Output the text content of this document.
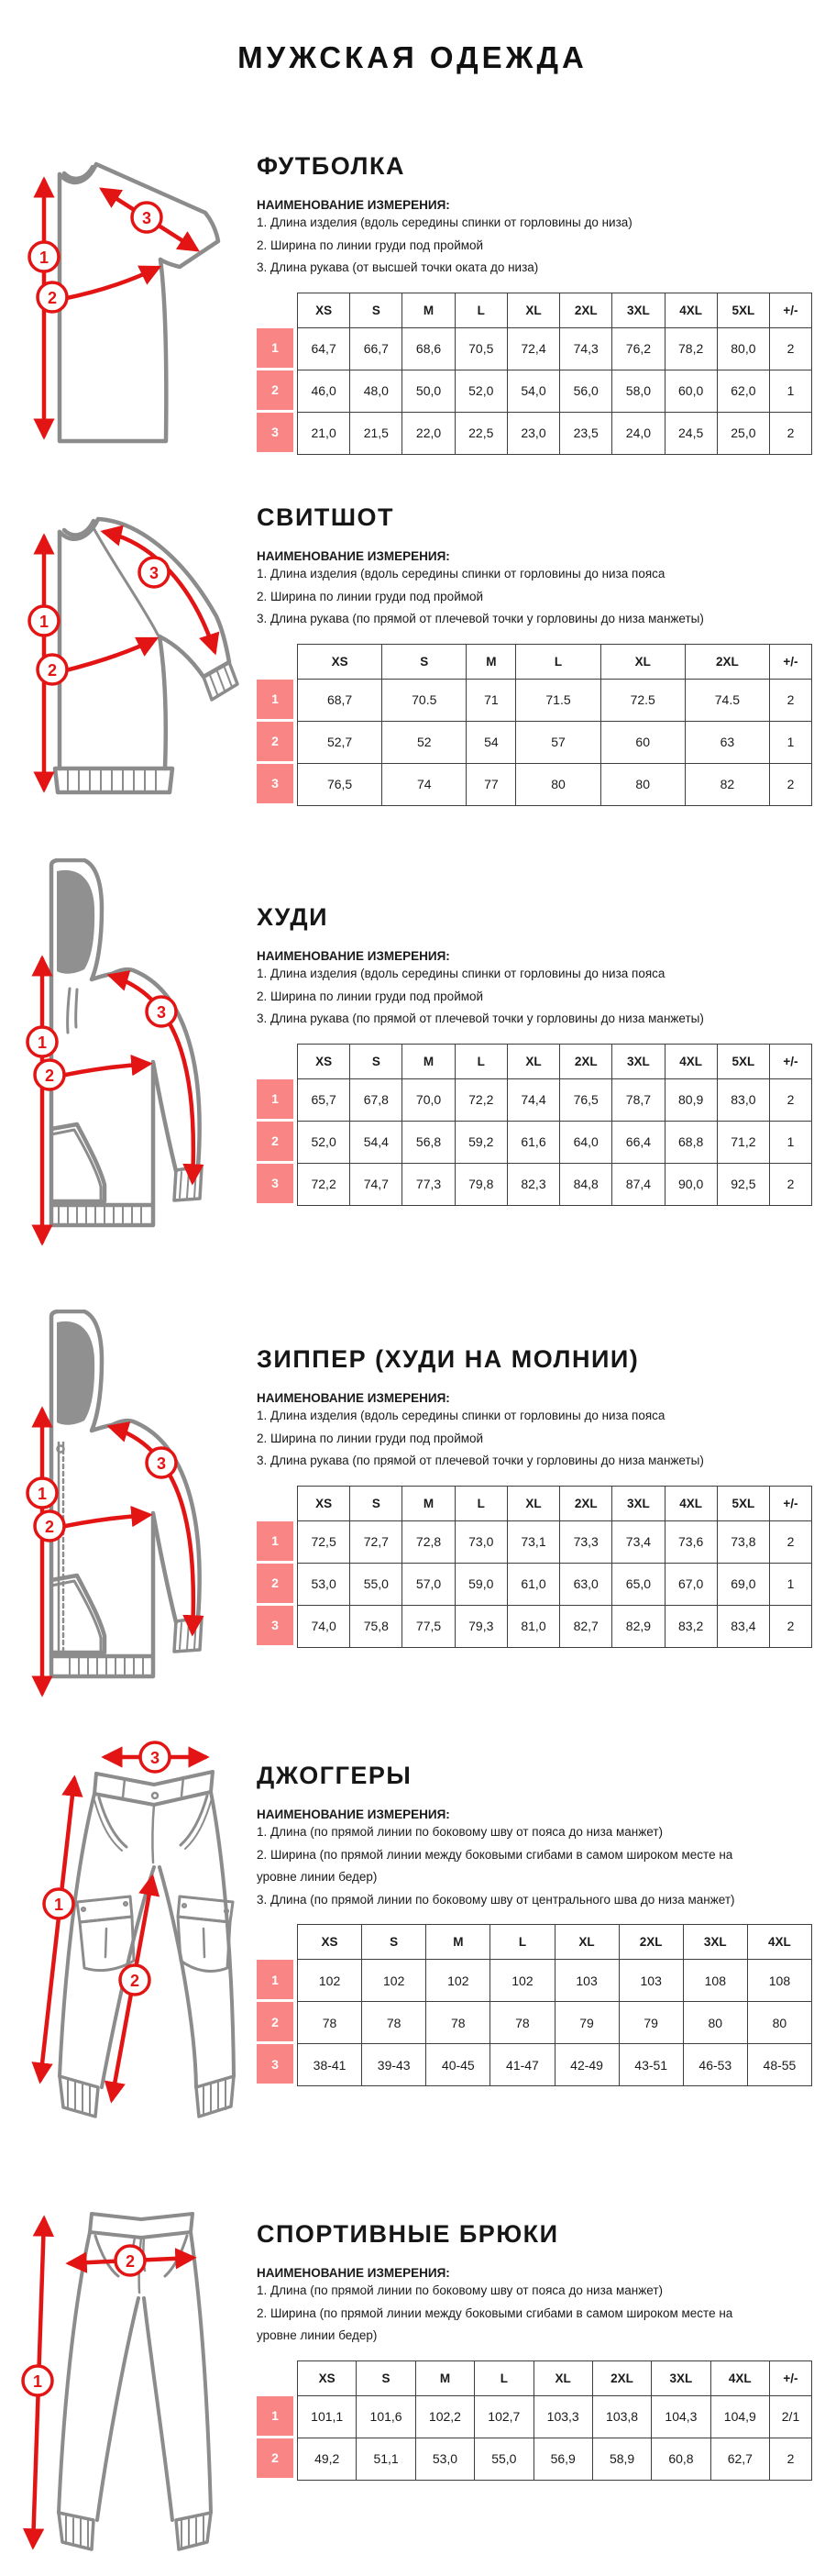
МУЖСКАЯ ОДЕЖДА
1
2
3
1
2
3
1
2
3
1
2
3
3
1
2
1
2
ФУТБОЛКА
НАИМЕНОВАНИЕ ИЗМЕРЕНИЯ:
1. Длина изделия (вдоль середины спинки от горловины до низа)
2. Ширина по линии груди под проймой
3. Длина рукава (от высшей точки оката до низа)
1
2
3
XS	S	M	L	XL	2XL	3XL	4XL	5XL	+/-
64,7	66,7	68,6	70,5	72,4	74,3	76,2	78,2	80,0	2
46,0	48,0	50,0	52,0	54,0	56,0	58,0	60,0	62,0	1
21,0	21,5	22,0	22,5	23,0	23,5	24,0	24,5	25,0	2
СВИТШОТ
НАИМЕНОВАНИЕ ИЗМЕРЕНИЯ:
1. Длина изделия (вдоль середины спинки от горловины до низа пояса
2. Ширина по линии груди под проймой
3. Длина рукава (по прямой от плечевой точки у горловины до низа манжеты)
1
2
3
XS	S	M	L	XL	2XL	+/-
68,7	70.5	71	71.5	72.5	74.5	2
52,7	52	54	57	60	63	1
76,5	74	77	80	80	82	2
ХУДИ
НАИМЕНОВАНИЕ ИЗМЕРЕНИЯ:
1. Длина изделия (вдоль середины спинки от горловины до низа пояса
2. Ширина по линии груди под проймой
3. Длина рукава (по прямой от плечевой точки у горловины до низа манжеты)
1
2
3
XS	S	M	L	XL	2XL	3XL	4XL	5XL	+/-
65,7	67,8	70,0	72,2	74,4	76,5	78,7	80,9	83,0	2
52,0	54,4	56,8	59,2	61,6	64,0	66,4	68,8	71,2	1
72,2	74,7	77,3	79,8	82,3	84,8	87,4	90,0	92,5	2
ЗИППЕР (ХУДИ НА МОЛНИИ)
НАИМЕНОВАНИЕ ИЗМЕРЕНИЯ:
1. Длина изделия (вдоль середины спинки от горловины до низа пояса
2. Ширина по линии груди под проймой
3. Длина рукава (по прямой от плечевой точки у горловины до низа манжеты)
1
2
3
XS	S	M	L	XL	2XL	3XL	4XL	5XL	+/-
72,5	72,7	72,8	73,0	73,1	73,3	73,4	73,6	73,8	2
53,0	55,0	57,0	59,0	61,0	63,0	65,0	67,0	69,0	1
74,0	75,8	77,5	79,3	81,0	82,7	82,9	83,2	83,4	2
ДЖОГГЕРЫ
НАИМЕНОВАНИЕ ИЗМЕРЕНИЯ:
1. Длина (по прямой линии по боковому шву от пояса до низа манжет)
2. Ширина (по прямой линии между боковыми сгибами в самом широком месте на уровне линии бедер)
3. Длина (по прямой линии по боковому шву от центрального шва до низа манжет)
1
2
3
XS	S	M	L	XL	2XL	3XL	4XL
102	102	102	102	103	103	108	108
78	78	78	78	79	79	80	80
38-41	39-43	40-45	41-47	42-49	43-51	46-53	48-55
СПОРТИВНЫЕ БРЮКИ
НАИМЕНОВАНИЕ ИЗМЕРЕНИЯ:
1. Длина (по прямой линии по боковому шву от пояса до низа манжет)
2. Ширина (по прямой линии между боковыми сгибами в самом широком месте на уровне линии бедер)
1
2
XS	S	M	L	XL	2XL	3XL	4XL	+/-
101,1	101,6	102,2	102,7	103,3	103,8	104,3	104,9	2/1
49,2	51,1	53,0	55,0	56,9	58,9	60,8	62,7	2
